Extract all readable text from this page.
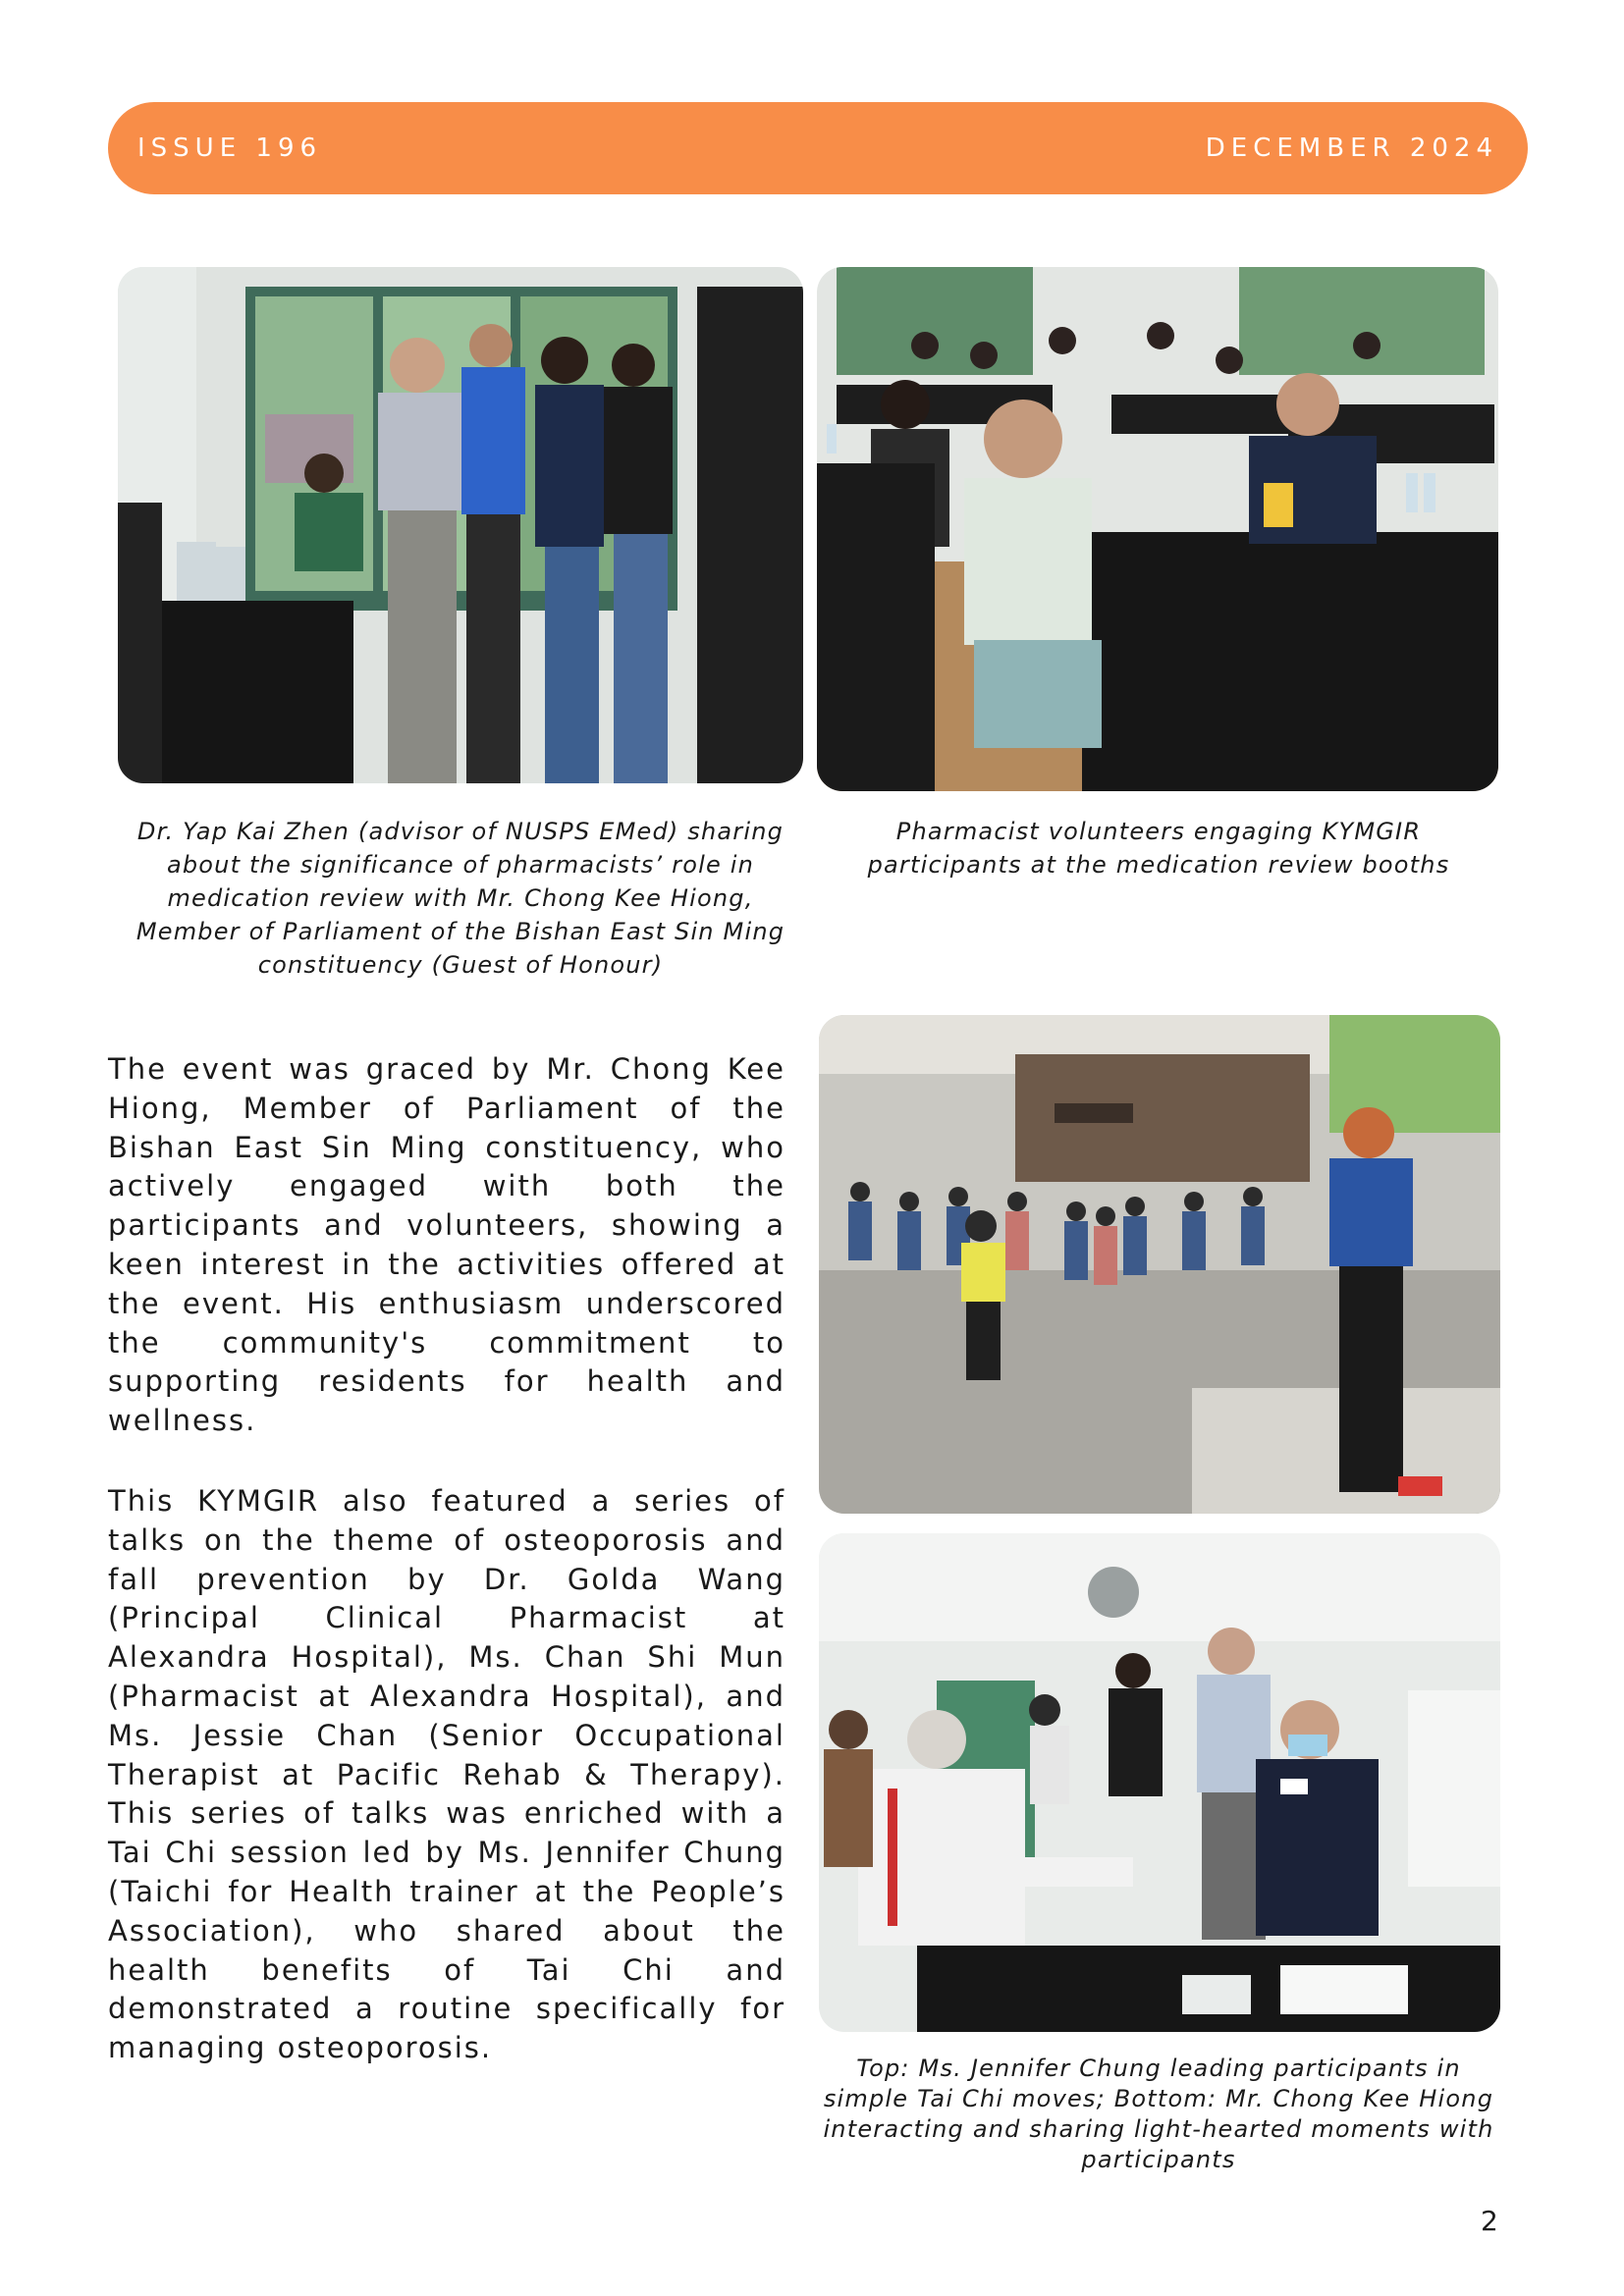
ISSUE 196	DECEMBER 2024

Dr. Yap Kai Zhen (advisor of NUSPS EMed) sharing about the significance of pharmacists’ role in medication review with Mr. Chong Kee Hiong, Member of Parliament of the Bishan East Sin Ming constituency (Guest of Honour)

Pharmacist volunteers engaging KYMGIR participants at the medication review booths

The event was graced by Mr. Chong Kee Hiong, Member of Parliament of the Bishan East Sin Ming constituency, who actively engaged with both the participants and volunteers, showing a keen interest in the activities offered at the event. His enthusiasm underscored the community's commitment to supporting residents for health and wellness.

This KYMGIR also featured a series of talks on the theme of osteoporosis and fall prevention by Dr. Golda Wang (Principal Clinical Pharmacist at Alexandra Hospital), Ms. Chan Shi Mun (Pharmacist at Alexandra Hospital), and Ms. Jessie Chan (Senior Occupational Therapist at Pacific Rehab & Therapy). This series of talks was enriched with a Tai Chi session led by Ms. Jennifer Chung (Taichi for Health trainer at the People’s Association), who shared about the health benefits of Tai Chi and demonstrated a routine specifically for managing osteoporosis.

Top: Ms. Jennifer Chung leading participants in simple Tai Chi moves; Bottom: Mr. Chong Kee Hiong interacting and sharing light-hearted moments with participants

2
